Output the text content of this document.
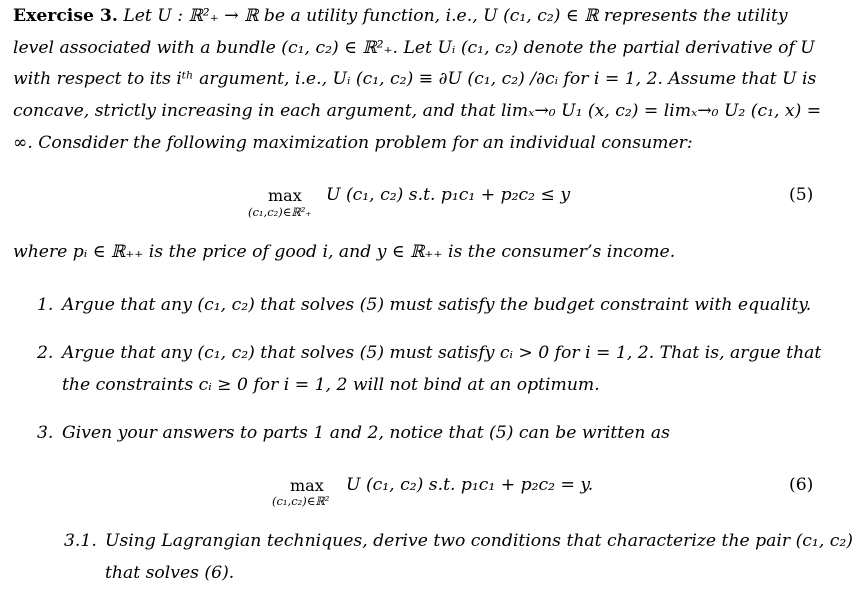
Exercise 3. Let U : ℝ²₊ → ℝ be a utility function, i.e., U (c₁, c₂) ∈ ℝ represents the utility
level associated with a bundle (c₁, c₂) ∈ ℝ²₊. Let Uᵢ (c₁, c₂) denote the partial derivative of U
with respect to its iᵗʰ argument, i.e., Uᵢ (c₁, c₂) ≡ ∂U (c₁, c₂) /∂cᵢ for i = 1, 2. Assume that U is
concave, strictly increasing in each argument, and that limₓ→₀ U₁ (x, c₂) = limₓ→₀ U₂ (c₁, x) =
∞. Consdider the following maximization problem for an individual consumer:
max
(c₁,c₂)∈ℝ²₊
U (c₁, c₂) s.t. p₁c₁ + p₂c₂ ≤ y	(5)
where pᵢ ∈ ℝ₊₊ is the price of good i, and y ∈ ℝ₊₊ is the consumer’s income.
1. Argue that any (c₁, c₂) that solves (5) must satisfy the budget constraint with equality.
2. Argue that any (c₁, c₂) that solves (5) must satisfy cᵢ > 0 for i = 1, 2. That is, argue that
the constraints cᵢ ≥ 0 for i = 1, 2 will not bind at an optimum.
3. Given your answers to parts 1 and 2, notice that (5) can be written as
max
(c₁,c₂)∈ℝ²
U (c₁, c₂) s.t. p₁c₁ + p₂c₂ = y.	(6)
3.1. Using Lagrangian techniques, derive two conditions that characterize the pair (c₁, c₂)
that solves (6).
